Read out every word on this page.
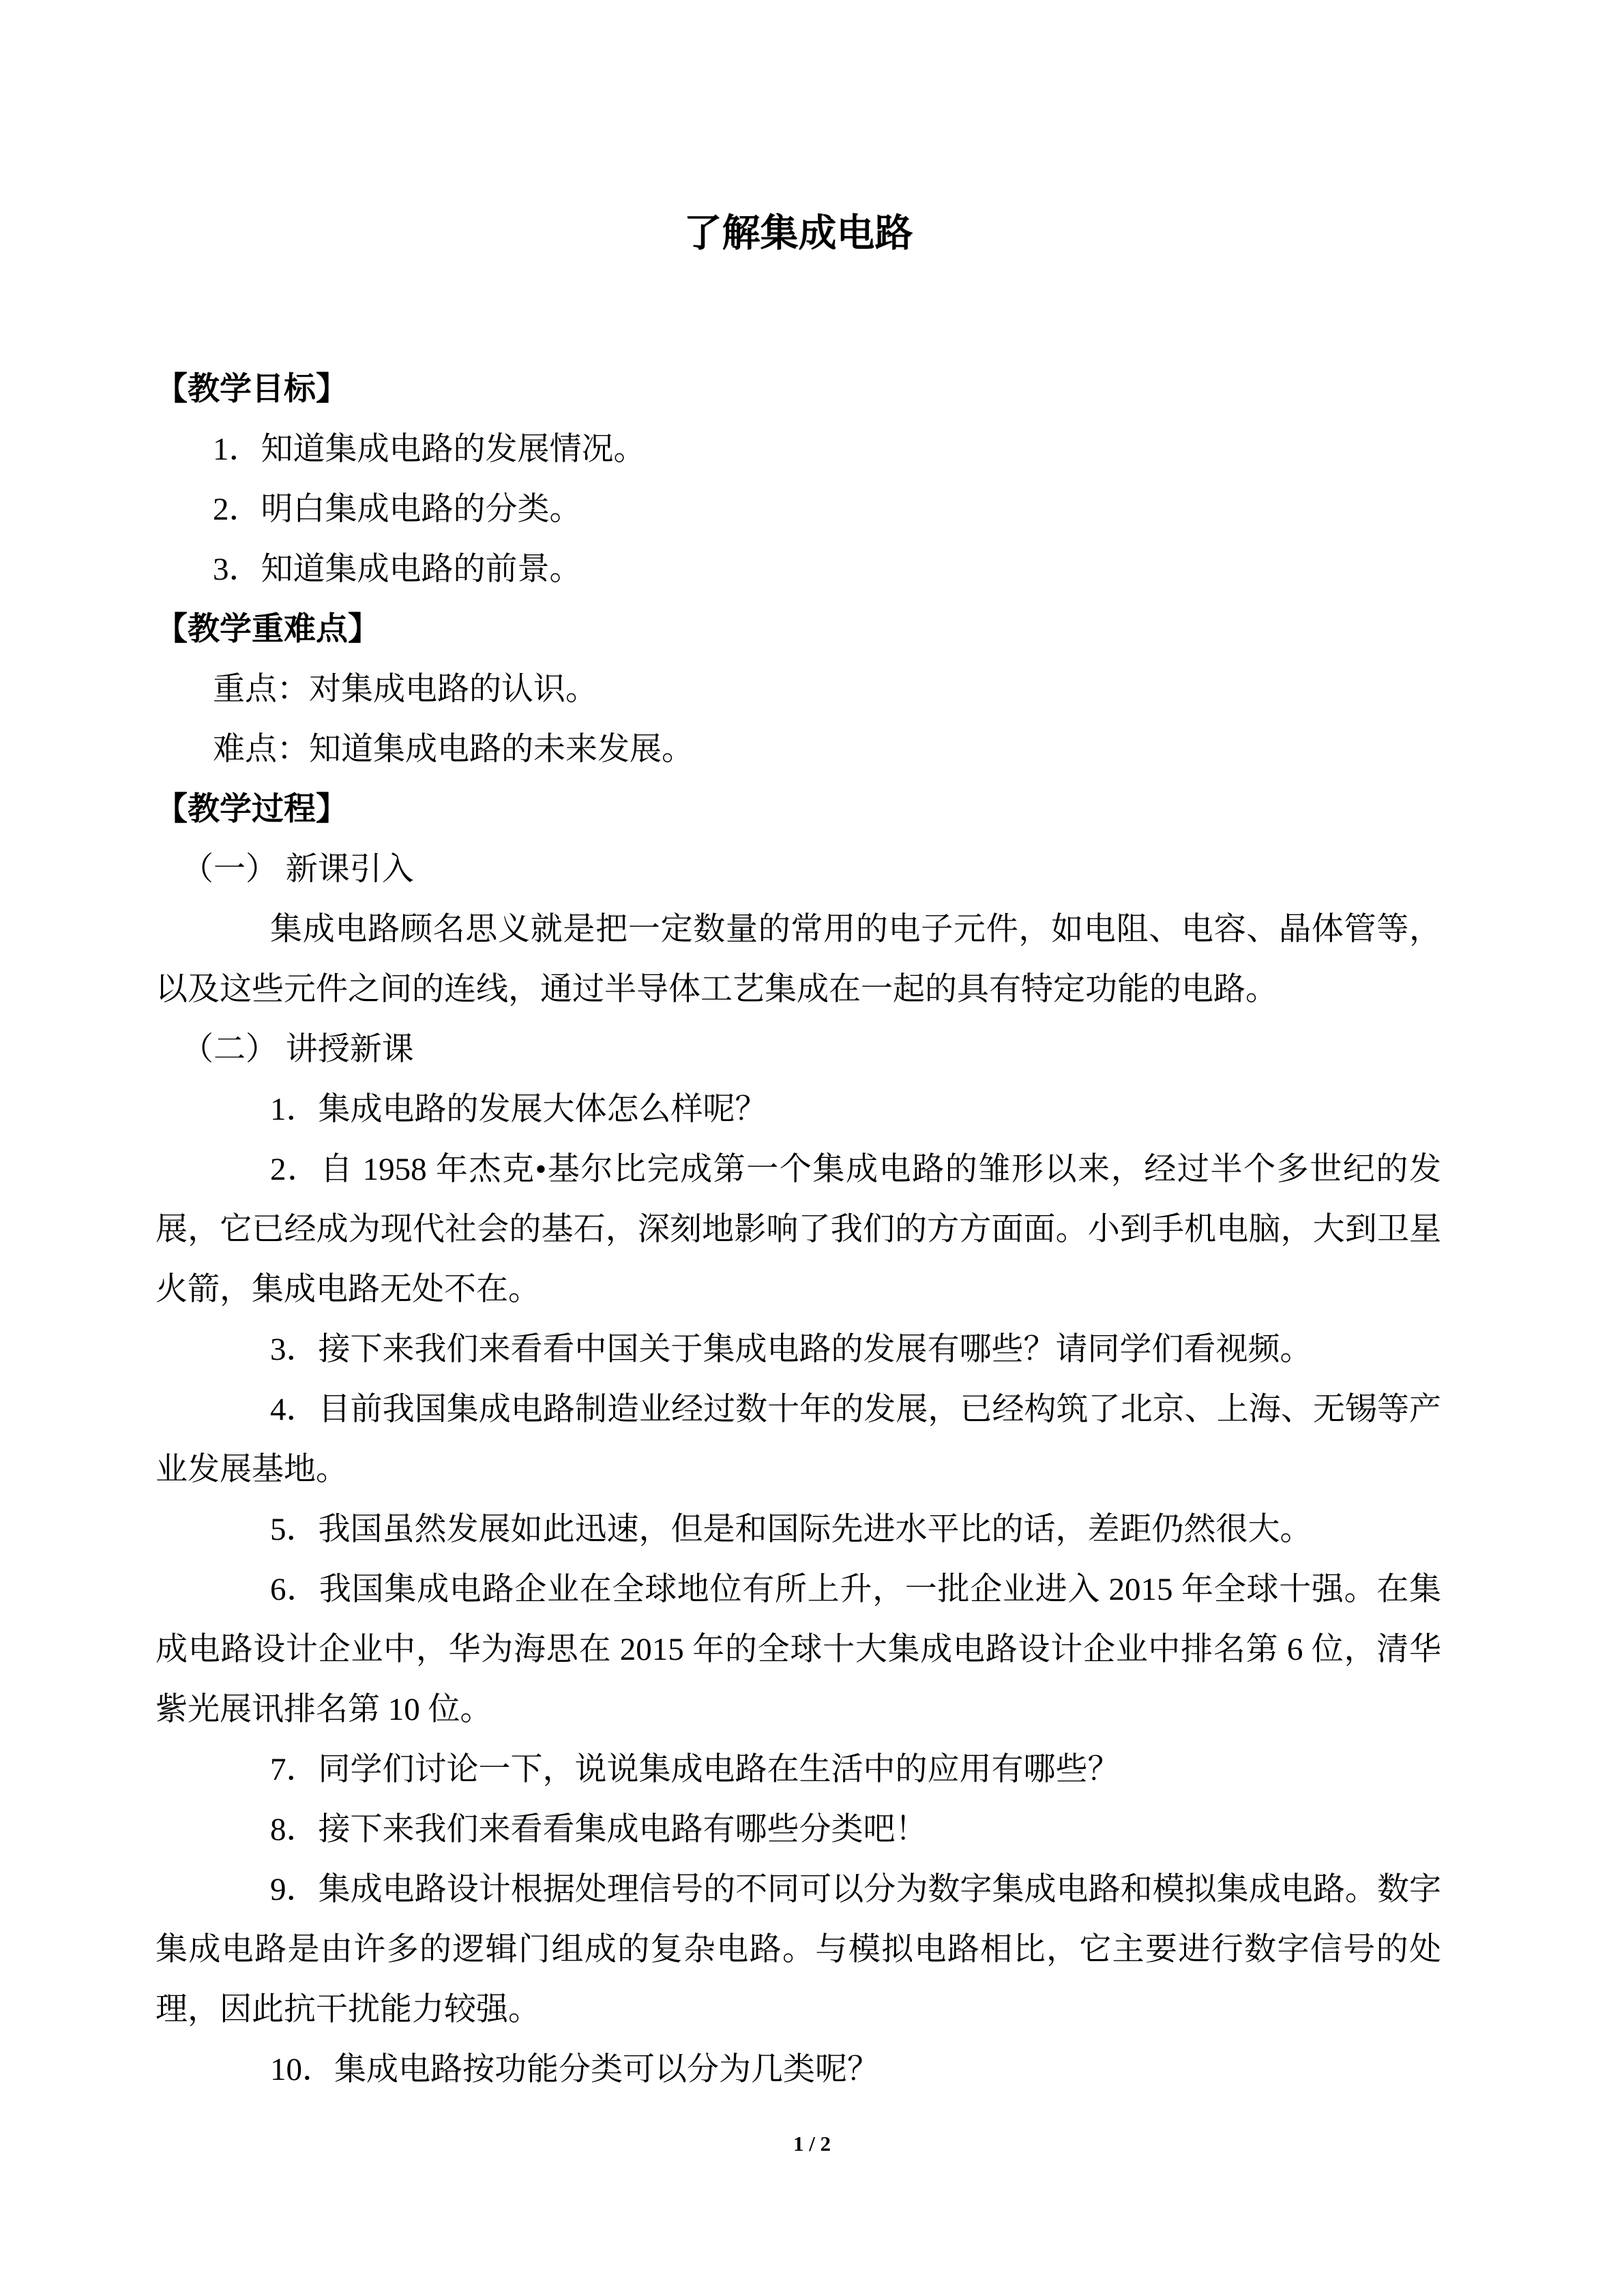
了解集成电路

【教学目标】

1．知道集成电路的发展情况。

2．明白集成电路的分类。

3．知道集成电路的前景。

【教学重难点】

重点：对集成电路的认识。

难点：知道集成电路的未来发展。

【教学过程】

（一） 新课引入

集成电路顾名思义就是把一定数量的常用的电子元件，如电阻、电容、晶体管等，以及这些元件之间的连线，通过半导体工艺集成在一起的具有特定功能的电路。

（二） 讲授新课

1．集成电路的发展大体怎么样呢？

2．自 1958 年杰克•基尔比完成第一个集成电路的雏形以来，经过半个多世纪的发展，它已经成为现代社会的基石，深刻地影响了我们的方方面面。小到手机电脑，大到卫星火箭，集成电路无处不在。

3．接下来我们来看看中国关于集成电路的发展有哪些？请同学们看视频。

4．目前我国集成电路制造业经过数十年的发展，已经构筑了北京、上海、无锡等产业发展基地。

5．我国虽然发展如此迅速，但是和国际先进水平比的话，差距仍然很大。

6．我国集成电路企业在全球地位有所上升，一批企业进入 2015 年全球十强。在集成电路设计企业中，华为海思在 2015 年的全球十大集成电路设计企业中排名第 6 位，清华紫光展讯排名第 10 位。

7．同学们讨论一下，说说集成电路在生活中的应用有哪些？

8．接下来我们来看看集成电路有哪些分类吧！

9．集成电路设计根据处理信号的不同可以分为数字集成电路和模拟集成电路。数字集成电路是由许多的逻辑门组成的复杂电路。与模拟电路相比，它主要进行数字信号的处理，因此抗干扰能力较强。

10．集成电路按功能分类可以分为几类呢？

1 / 2
